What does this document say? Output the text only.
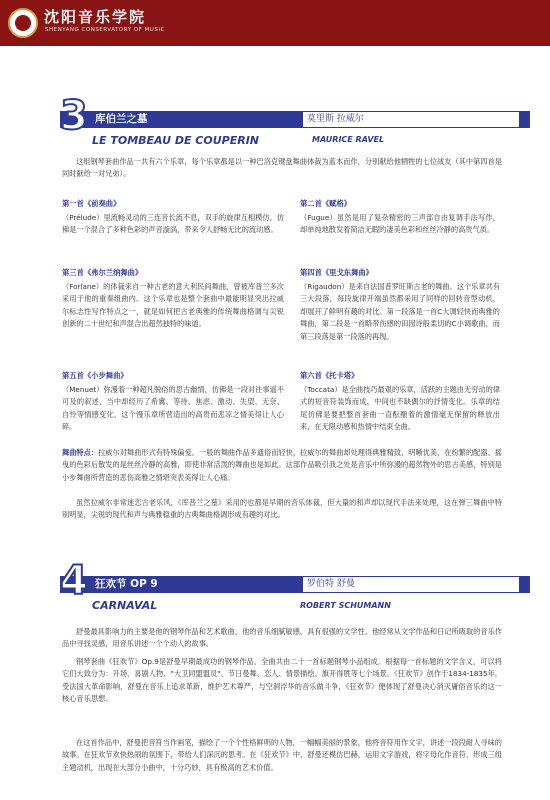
沈阳音乐学院
SHENYANG CONSERVATORY OF MUSIC
3 库伯兰之墓	莫里斯 拉威尔
LE TOMBEAU DE COUPERIN	MAURICE RAVEL

这组钢琴套曲作品一共有六个乐章，每个乐章都是以一种巴洛克键盘舞曲体裁为蓝本而作，分别献给他牺牲的七位战友（其中第四首是同时献给一对兄弟）。

第一首《前奏曲》

（Prélude）里流畅灵动的三连音长流不息，双手的旋律互相模仿，仿佛是一个混合了多种色彩的声音漩涡，带来令人舒畅无比的流动感。

第三首《弗尔兰纳舞曲》

（Forlane）的体裁来自一种古老的意大利民间舞曲，曾被库普兰多次采用于他的重奏组曲内。这个乐章也是整个套曲中最能明显突出拉威尔标志性写作特点之一，就是如何把古老典雅的传统舞曲格调与尖锐创新的二十世纪和声混合出超然独特的味道。

第五首《小步舞曲》

（Menuet）弥漫着一种超凡脱俗的思古幽情，仿佛是一段对往事遥不可及的叙述，当中却经历了希冀、等待、焦虑、激动、失望、无奈、自怜等情感变化，这个慢乐章所营造出的高贵而悲凉之情美得让人心碎。

第二首《赋格》

（Fugue）虽然是用了复杂精密的三声部自由复调手法写作，却单纯地散发着简洁无暇的凄美色彩和丝丝冷静的高贵气质。

第四首《里戈东舞曲》

（Rigaudon）是来自法国普罗旺斯古老的舞曲。这个乐章共有三大段落，每段旋律开端虽然都采用了同样的回转音型动机，却展开了鲜明有趣的对比。第一段落是一首C大调轻快而典雅的舞曲，第二段是一首略带伤感的田园诗般柔切的C小调歌曲，而第三段落是第一段落的再现。

第六首《托卡塔》

（Toccata）是全曲技巧最艰的乐章，活跃的主题由无穷动的律式的短音符装饰而成，中间也不缺偶尔的抒情变化。乐章的结尾仿佛是要把整首套曲一直酝酿着的激情毫无保留的释放出来，在无限动感和热情中结束全曲。

舞曲特点：拉威尔对舞曲形式有特殊偏爱。一般的舞曲作品多通俗而轻快，拉威尔的舞曲却处理得典雅精致、明晰优美，在纷繁的配器、摇曳的色彩后散发的是丝丝冷静的高雅，即使非常活泼的舞曲也是如此。这部作品吸引我之处是音乐中所弥漫的超然物外的思古美感，特别是小步舞曲所营造的悲伤高雅之情堪突表美得让人心痛。

虽然拉威尔非常迷恋古老乐风，《库普兰之墓》采用的也都是早期的音乐体裁，但大量的和声却以现代手法来处理，这在弹三舞曲中特别明显，尖锐的现代和声与典雅稳重的古典舞曲格调形成有趣的对比。

4 狂欢节 OP 9	罗伯特 舒曼
CARNAVAL	ROBERT SCHUMANN

舒曼最具影响力的主要是他的钢琴作品和艺术歌曲，他的音乐细腻敏感，具有很强的文学性。他经常从文学作品和日记所吸取的音乐作品中寻找灵感，用音乐讲述一个个动人的故事。

钢琴套曲《狂欢节》Op.9是舒曼早期最成功的钢琴作品，全曲共由二十一首标题钢琴小品组成。根据每一首标题的文学含义，可以将它们大致分为：开场、喜剧人物、"大卫同盟盟员"、节日曼舞、恋人、情景描绘、旗开得胜等七个场景。《狂欢节》创作于1834-1835年，受法国大革命影响，舒曼在音乐上追求革新，维护艺术尊严，与空洞浮华的音乐做斗争，《狂欢节》便体现了舒曼决心消灭庸俗音乐的这一核心音乐思想。

在这首作品中，舒曼把音符当作画笔，描绘了一个个性格鲜明的人物，一幅幅美丽的景象，他将音符用作文字，讲述一段段耐人寻味的故事。在狂欢节欢快热闹的氛围下，带给人们深沉的思考。在《狂欢节》中，舒曼还模仿巴赫，运用文字游戏，将字母化作音符，形成三组主题动机，出现在大部分小曲中，十分巧妙，具有极高的艺术价值。
